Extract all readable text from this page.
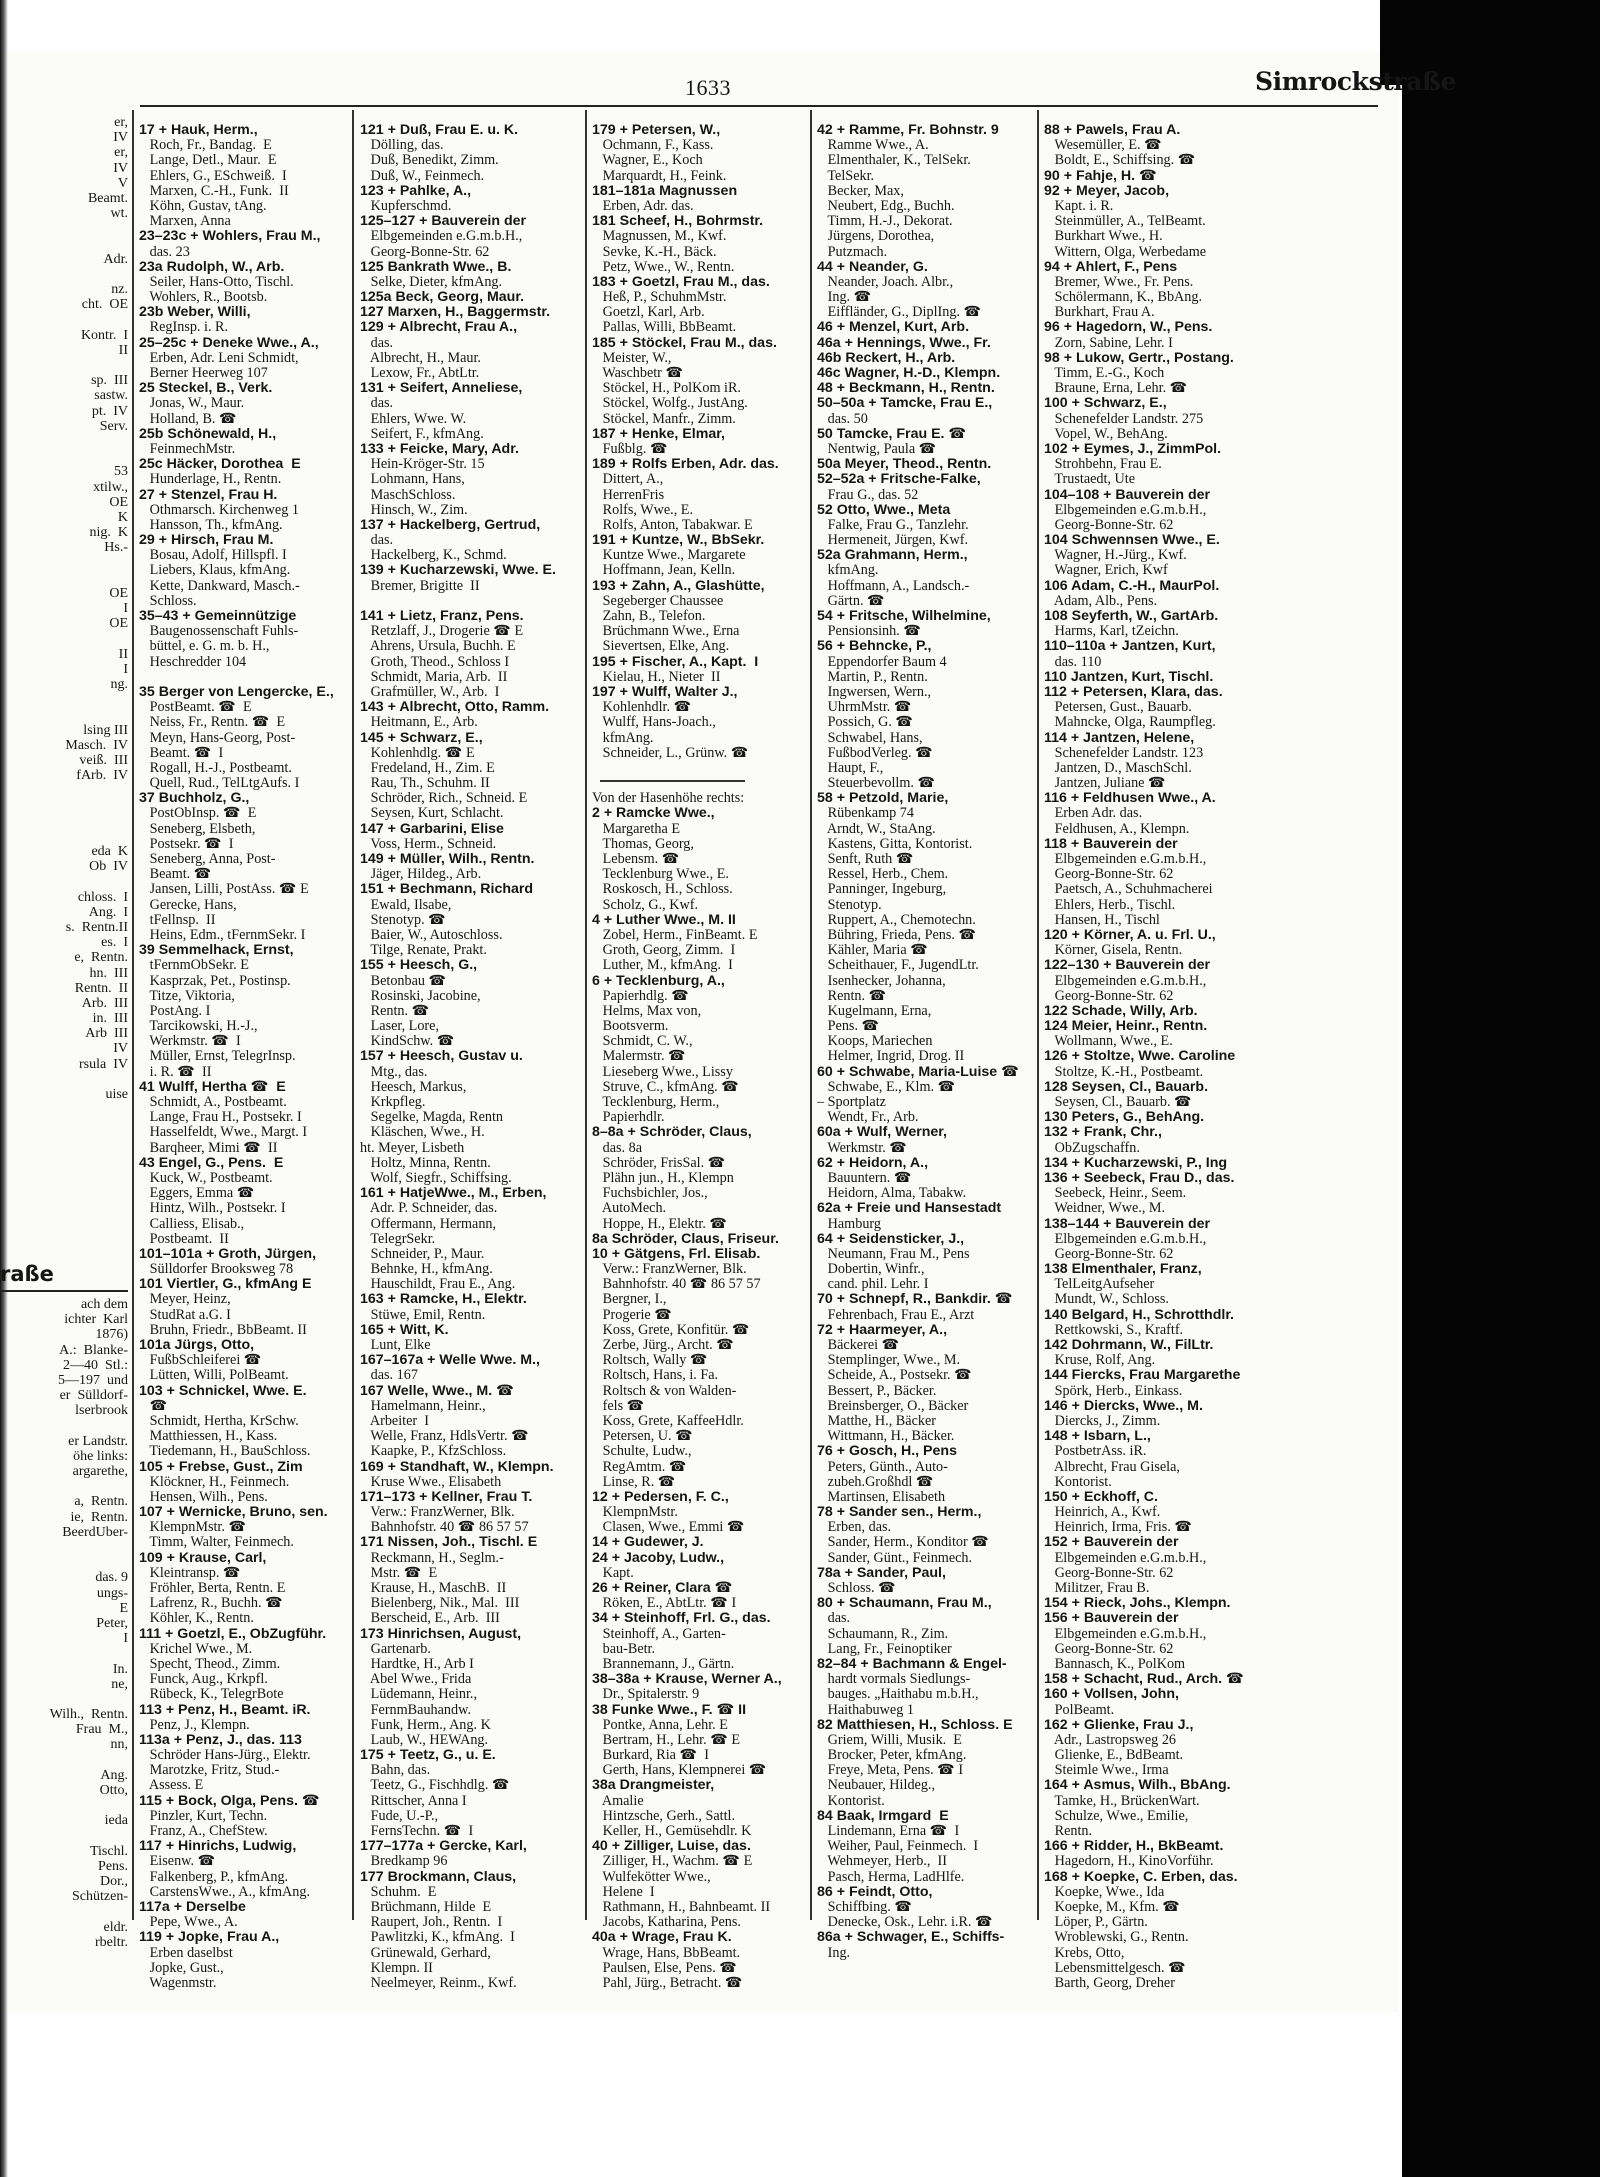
1633	Simrockstraße
er,
IV
er,
IV
V
Beamt.
wt.
Adr.
nz.
cht.  OE
Kontr.  I
II
sp.  III
sastw.
pt.  IV
Serv.
53
xtilw.,
OE
K
nig.  K
Hs.-
OE
I
OE
II
I
ng.
lsing III
Masch.  IV
veiß.  III
fArb.  IV
eda  K
Ob  IV
chloss.  I
Ang.  I
s.  Rentn.II
es.  I
e,  Rentn.
hn.  III
Rentn.  II
Arb.  III
in.  III
Arb  III
IV
rsula  IV
uise
raße
ach dem
ichter  Karl
1876)
A.:  Blanke-
2—40  Stl.:
5—197  und
er  Sülldorf-
lserbrook
er Landstr.
öhe links:
argarethe,
a,  Rentn.
ie,  Rentn.
BeerdUber-
das. 9
ungs-
E
Peter,
I
In.
ne,
Wilh.,  Rentn.
Frau  M.,
nn,
Ang.
Otto,
ieda
Tischl.
Pens.
Dor.,
Schützen-
eldr.
rbeltr.
17 + Hauk, Herm.,
Roch, Fr., Bandag.  E
Lange, Detl., Maur.  E
Ehlers, G., ESchweiß.  I
Marxen, C.-H., Funk.  II
Köhn, Gustav, tAng.
Marxen, Anna
23–23c + Wohlers, Frau M.,
das. 23
23a Rudolph, W., Arb.
Seiler, Hans-Otto, Tischl.
Wohlers, R., Bootsb.
23b Weber, Willi,
RegInsp. i. R.
25–25c + Deneke Wwe., A.,
Erben, Adr. Leni Schmidt,
Berner Heerweg 107
25 Steckel, B., Verk.
Jonas, W., Maur.
Holland, B. ☎
25b Schönewald, H.,
FeinmechMstr.
25c Häcker, Dorothea  E
Hunderlage, H., Rentn.
27 + Stenzel, Frau H.
Othmarsch. Kirchenweg 1
Hansson, Th., kfmAng.
29 + Hirsch, Frau M.
Bosau, Adolf, Hillspfl. I
Liebers, Klaus, kfmAng.
Kette, Dankward, Masch.-
Schloss.
35–43 + Gemeinnützige
Baugenossenschaft Fuhls-
büttel, e. G. m. b. H.,
Heschredder 104
35 Berger von Lengercke, E.,
PostBeamt. ☎  E
Neiss, Fr., Rentn. ☎  E
Meyn, Hans-Georg, Post-
Beamt. ☎  I
Rogall, H.-J., Postbeamt.
Quell, Rud., TelLtgAufs. I
37 Buchholz, G.,
PostObInsp. ☎  E
Seneberg, Elsbeth,
Postsekr. ☎  I
Seneberg, Anna, Post-
Beamt. ☎
Jansen, Lilli, PostAss. ☎ E
Gerecke, Hans,
tFellnsp.  II
Heins, Edm., tFernmSekr. I
39 Semmelhack, Ernst,
tFernmObSekr. E
Kasprzak, Pet., Postinsp.
Titze, Viktoria,
PostAng. I
Tarcikowski, H.-J.,
Werkmstr. ☎  I
Müller, Ernst, TelegrInsp.
i. R. ☎  II
41 Wulff, Hertha ☎  E
Schmidt, A., Postbeamt.
Lange, Frau H., Postsekr. I
Hasselfeldt, Wwe., Margt. I
Barqheer, Mimi ☎  II
43 Engel, G., Pens.  E
Kuck, W., Postbeamt.
Eggers, Emma ☎
Hintz, Wilh., Postsekr. I
Calliess, Elisab.,
Postbeamt.  II
101–101a + Groth, Jürgen,
Sülldorfer Brooksweg 78
101 Viertler, G., kfmAng E
Meyer, Heinz,
StudRat a.G. I
Bruhn, Friedr., BbBeamt. II
101a Jürgs, Otto,
FußbSchleiferei ☎
Lütten, Willi, PolBeamt.
103 + Schnickel, Wwe. E.
☎
Schmidt, Hertha, KrSchw.
Matthiessen, H., Kass.
Tiedemann, H., BauSchloss.
105 + Frebse, Gust., Zim
Klöckner, H., Feinmech.
Hensen, Wilh., Pens.
107 + Wernicke, Bruno, sen.
KlempnMstr. ☎
Timm, Walter, Feinmech.
109 + Krause, Carl,
Kleintransp. ☎
Fröhler, Berta, Rentn. E
Lafrenz, R., Buchh. ☎
Köhler, K., Rentn.
111 + Goetzl, E., ObZugführ.
Krichel Wwe., M.
Specht, Theod., Zimm.
Funck, Aug., Krkpfl.
Rübeck, K., TelegrBote
113 + Penz, H., Beamt. iR.
Penz, J., Klempn.
113a + Penz, J., das. 113
Schröder Hans-Jürg., Elektr.
Marotzke, Fritz, Stud.-
Assess. E
115 + Bock, Olga, Pens. ☎
Pinzler, Kurt, Techn.
Franz, A., ChefStew.
117 + Hinrichs, Ludwig,
Eisenw. ☎
Falkenberg, P., kfmAng.
CarstensWwe., A., kfmAng.
117a + Derselbe
Pepe, Wwe., A.
119 + Jopke, Frau A.,
Erben daselbst
Jopke, Gust.,
Wagenmstr.
121 + Duß, Frau E. u. K.
Dölling, das.
Duß, Benedikt, Zimm.
Duß, W., Feinmech.
123 + Pahlke, A.,
Kupferschmd.
125–127 + Bauverein der
Elbgemeinden e.G.m.b.H.,
Georg-Bonne-Str. 62
125 Bankrath Wwe., B.
Selke, Dieter, kfmAng.
125a Beck, Georg, Maur.
127 Marxen, H., Baggermstr.
129 + Albrecht, Frau A.,
das.
Albrecht, H., Maur.
Lexow, Fr., AbtLtr.
131 + Seifert, Anneliese,
das.
Ehlers, Wwe. W.
Seifert, F., kfmAng.
133 + Feicke, Mary, Adr.
Hein-Kröger-Str. 15
Lohmann, Hans,
MaschSchloss.
Hinsch, W., Zim.
137 + Hackelberg, Gertrud,
das.
Hackelberg, K., Schmd.
139 + Kucharzewski, Wwe. E.
Bremer, Brigitte  II
141 + Lietz, Franz, Pens.
Retzlaff, J., Drogerie ☎ E
Ahrens, Ursula, Buchh. E
Groth, Theod., Schloss I
Schmidt, Maria, Arb.  II
Grafmüller, W., Arb.  I
143 + Albrecht, Otto, Ramm.
Heitmann, E., Arb.
145 + Schwarz, E.,
Kohlenhdlg. ☎ E
Fredeland, H., Zim. E
Rau, Th., Schuhm. II
Schröder, Rich., Schneid. E
Seysen, Kurt, Schlacht.
147 + Garbarini, Elise
Voss, Herm., Schneid.
149 + Müller, Wilh., Rentn.
Jäger, Hildeg., Arb.
151 + Bechmann, Richard
Ewald, Ilsabe,
Stenotyp. ☎
Baier, W., Autoschloss.
Tilge, Renate, Prakt.
155 + Heesch, G.,
Betonbau ☎
Rosinski, Jacobine,
Rentn. ☎
Laser, Lore,
KindSchw. ☎
157 + Heesch, Gustav u.
Mtg., das.
Heesch, Markus,
Krkpfleg.
Segelke, Magda, Rentn
Kläschen, Wwe., H.
ht. Meyer, Lisbeth
Holtz, Minna, Rentn.
Wolf, Siegfr., Schiffsing.
161 + HatjeWwe., M., Erben,
Adr. P. Schneider, das.
Offermann, Hermann,
TelegrSekr.
Schneider, P., Maur.
Behnke, H., kfmAng.
Hauschildt, Frau E., Ang.
163 + Ramcke, H., Elektr.
Stüwe, Emil, Rentn.
165 + Witt, K.
Lunt, Elke
167–167a + Welle Wwe. M.,
das. 167
167 Welle, Wwe., M. ☎
Hamelmann, Heinr.,
Arbeiter  I
Welle, Franz, HdlsVertr. ☎
Kaapke, P., KfzSchloss.
169 + Standhaft, W., Klempn.
Kruse Wwe., Elisabeth
171–173 + Kellner, Frau T.
Verw.: FranzWerner, Blk.
Bahnhofstr. 40 ☎ 86 57 57
171 Nissen, Joh., Tischl. E
Reckmann, H., Seglm.-
Mstr. ☎  E
Krause, H., MaschB.  II
Bielenberg, Nik., Mal.  III
Berscheid, E., Arb.  III
173 Hinrichsen, August,
Gartenarb.
Hardtke, H., Arb I
Abel Wwe., Frida
Lüdemann, Heinr.,
FernmBauhandw.
Funk, Herm., Ang. K
Laub, W., HEWAng.
175 + Teetz, G., u. E.
Bahn, das.
Teetz, G., Fischhdlg. ☎
Rittscher, Anna I
Fude, U.-P.,
FernsTechn. ☎  I
177–177a + Gercke, Karl,
Bredkamp 96
177 Brockmann, Claus,
Schuhm.  E
Brüchmann, Hilde  E
Raupert, Joh., Rentn.  I
Pawlitzki, K., kfmAng.  I
Grünewald, Gerhard,
Klempn. II
Neelmeyer, Reinm., Kwf.
179 + Petersen, W.,
Ochmann, F., Kass.
Wagner, E., Koch
Marquardt, H., Feink.
181–181a Magnussen
Erben, Adr. das.
181 Scheef, H., Bohrmstr.
Magnussen, M., Kwf.
Sevke, K.-H., Bäck.
Petz, Wwe., W., Rentn.
183 + Goetzl, Frau M., das.
Heß, P., SchuhmMstr.
Goetzl, Karl, Arb.
Pallas, Willi, BbBeamt.
185 + Stöckel, Frau M., das.
Meister, W.,
Waschbetr ☎
Stöckel, H., PolKom iR.
Stöckel, Wolfg., JustAng.
Stöckel, Manfr., Zimm.
187 + Henke, Elmar,
Fußblg. ☎
189 + Rolfs Erben, Adr. das.
Dittert, A.,
HerrenFris
Rolfs, Wwe., E.
Rolfs, Anton, Tabakwar. E
191 + Kuntze, W., BbSekr.
Kuntze Wwe., Margarete
Hoffmann, Jean, Kelln.
193 + Zahn, A., Glashütte,
Segeberger Chaussee
Zahn, B., Telefon.
Brüchmann Wwe., Erna
Sievertsen, Elke, Ang.
195 + Fischer, A., Kapt.  I
Kielau, H., Nieter  II
197 + Wulff, Walter J.,
Kohlenhdlr. ☎
Wulff, Hans-Joach.,
kfmAng.
Schneider, L., Grünw. ☎
Von der Hasenhöhe rechts:
2 + Ramcke Wwe.,
Margaretha E
Thomas, Georg,
Lebensm. ☎
Tecklenburg Wwe., E.
Roskosch, H., Schloss.
Scholz, G., Kwf.
4 + Luther Wwe., M. II
Zobel, Herm., FinBeamt. E
Groth, Georg, Zimm.  I
Luther, M., kfmAng.  I
6 + Tecklenburg, A.,
Papierhdlg. ☎
Helms, Max von,
Bootsverm.
Schmidt, C. W.,
Malermstr. ☎
Lieseberg Wwe., Lissy
Struve, C., kfmAng. ☎
Tecklenburg, Herm.,
Papierhdlr.
8–8a + Schröder, Claus,
das. 8a
Schröder, FrisSal. ☎
Plähn jun., H., Klempn
Fuchsbichler, Jos.,
AutoMech.
Hoppe, H., Elektr. ☎
8a Schröder, Claus, Friseur.
10 + Gätgens, Frl. Elisab.
Verw.: FranzWerner, Blk.
Bahnhofstr. 40 ☎ 86 57 57
Bergner, I.,
Progerie ☎
Koss, Grete, Konfitür. ☎
Zerbe, Jürg., Archt. ☎
Roltsch, Wally ☎
Roltsch, Hans, i. Fa.
Roltsch & von Walden-
fels ☎
Koss, Grete, KaffeeHdlr.
Petersen, U. ☎
Schulte, Ludw.,
RegAmtm. ☎
Linse, R. ☎
12 + Pedersen, F. C.,
KlempnMstr.
Clasen, Wwe., Emmi ☎
14 + Gudewer, J.
24 + Jacoby, Ludw.,
Kapt.
26 + Reiner, Clara ☎
Röken, E., AbtLtr. ☎ I
34 + Steinhoff, Frl. G., das.
Steinhoff, A., Garten-
bau-Betr.
Brannemann, J., Gärtn.
38–38a + Krause, Werner A.,
Dr., Spitalerstr. 9
38 Funke Wwe., F. ☎ II
Pontke, Anna, Lehr. E
Bertram, H., Lehr. ☎ E
Burkard, Ria ☎  I
Gerth, Hans, Klempnerei ☎
38a Drangmeister,
Amalie
Hintzsche, Gerh., Sattl.
Keller, H., Gemüsehdlr. K
40 + Zilliger, Luise, das.
Zilliger, H., Wachm. ☎ E
Wulfekötter Wwe.,
Helene  I
Rathmann, H., Bahnbeamt. II
Jacobs, Katharina, Pens.
40a + Wrage, Frau K.
Wrage, Hans, BbBeamt.
Paulsen, Else, Pens. ☎
Pahl, Jürg., Betracht. ☎
42 + Ramme, Fr. Bohnstr. 9
Ramme Wwe., A.
Elmenthaler, K., TelSekr.
TelSekr.
Becker, Max,
Neubert, Edg., Buchh.
Timm, H.-J., Dekorat.
Jürgens, Dorothea,
Putzmach.
44 + Neander, G.
Neander, Joach. Albr.,
Ing. ☎
Eiffländer, G., DiplIng. ☎
46 + Menzel, Kurt, Arb.
46a + Hennings, Wwe., Fr.
46b Reckert, H., Arb.
46c Wagner, H.-D., Klempn.
48 + Beckmann, H., Rentn.
50–50a + Tamcke, Frau E.,
das. 50
50 Tamcke, Frau E. ☎
Nentwig, Paula ☎
50a Meyer, Theod., Rentn.
52–52a + Fritsche-Falke,
Frau G., das. 52
52 Otto, Wwe., Meta
Falke, Frau G., Tanzlehr.
Hermeneit, Jürgen, Kwf.
52a Grahmann, Herm.,
kfmAng.
Hoffmann, A., Landsch.-
Gärtn. ☎
54 + Fritsche, Wilhelmine,
Pensionsinh. ☎
56 + Behncke, P.,
Eppendorfer Baum 4
Martin, P., Rentn.
Ingwersen, Wern.,
UhrmMstr. ☎
Possich, G. ☎
Schwabel, Hans,
FußbodVerleg. ☎
Haupt, F.,
Steuerbevollm. ☎
58 + Petzold, Marie,
Rübenkamp 74
Arndt, W., StaAng.
Kastens, Gitta, Kontorist.
Senft, Ruth ☎
Ressel, Herb., Chem.
Panninger, Ingeburg,
Stenotyp.
Ruppert, A., Chemotechn.
Bühring, Frieda, Pens. ☎
Kähler, Maria ☎
Scheithauer, F., JugendLtr.
Isenhecker, Johanna,
Rentn. ☎
Kugelmann, Erna,
Pens. ☎
Koops, Mariechen
Helmer, Ingrid, Drog. II
60 + Schwabe, Maria-Luise ☎
Schwabe, E., Klm. ☎
– Sportplatz
Wendt, Fr., Arb.
60a + Wulf, Werner,
Werkmstr. ☎
62 + Heidorn, A.,
Bauuntern. ☎
Heidorn, Alma, Tabakw.
62a + Freie und Hansestadt
Hamburg
64 + Seidensticker, J.,
Neumann, Frau M., Pens
Dobertin, Winfr.,
cand. phil. Lehr. I
70 + Schnepf, R., Bankdir. ☎
Fehrenbach, Frau E., Arzt
72 + Haarmeyer, A.,
Bäckerei ☎
Stemplinger, Wwe., M.
Scheide, A., Postsekr. ☎
Bessert, P., Bäcker.
Breinsberger, O., Bäcker
Matthe, H., Bäcker
Wittmann, H., Bäcker.
76 + Gosch, H., Pens
Peters, Günth., Auto-
zubeh.Großhdl ☎
Martinsen, Elisabeth
78 + Sander sen., Herm.,
Erben, das.
Sander, Herm., Konditor ☎
Sander, Günt., Feinmech.
78a + Sander, Paul,
Schloss. ☎
80 + Schaumann, Frau M.,
das.
Schaumann, R., Zim.
Lang, Fr., Feinoptiker
82–84 + Bachmann & Engel-
hardt vormals Siedlungs-
bauges. „Haithabu m.b.H.,
Haithabuweg 1
82 Matthiesen, H., Schloss. E
Griem, Willi, Musik.  E
Brocker, Peter, kfmAng.
Freye, Meta, Pens. ☎ I
Neubauer, Hildeg.,
Kontorist.
84 Baak, Irmgard  E
Lindemann, Erna ☎  I
Weiher, Paul, Feinmech.  I
Wehmeyer, Herb.,  II
Pasch, Herma, LadHlfe.
86 + Feindt, Otto,
Schiffbing. ☎
Denecke, Osk., Lehr. i.R. ☎
86a + Schwager, E., Schiffs-
Ing.
88 + Pawels, Frau A.
Wesemüller, E. ☎
Boldt, E., Schiffsing. ☎
90 + Fahje, H. ☎
92 + Meyer, Jacob,
Kapt. i. R.
Steinmüller, A., TelBeamt.
Burkhart Wwe., H.
Wittern, Olga, Werbedame
94 + Ahlert, F., Pens
Bremer, Wwe., Fr. Pens.
Schölermann, K., BbAng.
Burkhart, Frau A.
96 + Hagedorn, W., Pens.
Zorn, Sabine, Lehr. I
98 + Lukow, Gertr., Postang.
Timm, E.-G., Koch
Braune, Erna, Lehr. ☎
100 + Schwarz, E.,
Schenefelder Landstr. 275
Vopel, W., BehAng.
102 + Eymes, J., ZimmPol.
Strohbehn, Frau E.
Trustaedt, Ute
104–108 + Bauverein der
Elbgemeinden e.G.m.b.H.,
Georg-Bonne-Str. 62
104 Schwennsen Wwe., E.
Wagner, H.-Jürg., Kwf.
Wagner, Erich, Kwf
106 Adam, C.-H., MaurPol.
Adam, Alb., Pens.
108 Seyferth, W., GartArb.
Harms, Karl, tZeichn.
110–110a + Jantzen, Kurt,
das. 110
110 Jantzen, Kurt, Tischl.
112 + Petersen, Klara, das.
Petersen, Gust., Bauarb.
Mahncke, Olga, Raumpfleg.
114 + Jantzen, Helene,
Schenefelder Landstr. 123
Jantzen, D., MaschSchl.
Jantzen, Juliane ☎
116 + Feldhusen Wwe., A.
Erben Adr. das.
Feldhusen, A., Klempn.
118 + Bauverein der
Elbgemeinden e.G.m.b.H.,
Georg-Bonne-Str. 62
Paetsch, A., Schuhmacherei
Ehlers, Herb., Tischl.
Hansen, H., Tischl
120 + Körner, A. u. Frl. U.,
Körner, Gisela, Rentn.
122–130 + Bauverein der
Elbgemeinden e.G.m.b.H.,
Georg-Bonne-Str. 62
122 Schade, Willy, Arb.
124 Meier, Heinr., Rentn.
Wollmann, Wwe., E.
126 + Stoltze, Wwe. Caroline
Stoltze, K.-H., Postbeamt.
128 Seysen, Cl., Bauarb.
Seysen, Cl., Bauarb. ☎
130 Peters, G., BehAng.
132 + Frank, Chr.,
ObZugschaffn.
134 + Kucharzewski, P., Ing
136 + Seebeck, Frau D., das.
Seebeck, Heinr., Seem.
Weidner, Wwe., M.
138–144 + Bauverein der
Elbgemeinden e.G.m.b.H.,
Georg-Bonne-Str. 62
138 Elmenthaler, Franz,
TelLeitgAufseher
Mundt, W., Schloss.
140 Belgard, H., Schrotthdlr.
Rettkowski, S., Kraftf.
142 Dohrmann, W., FilLtr.
Kruse, Rolf, Ang.
144 Fiercks, Frau Margarethe
Spörk, Herb., Einkass.
146 + Diercks, Wwe., M.
Diercks, J., Zimm.
148 + Isbarn, L.,
PostbetrAss. iR.
Albrecht, Frau Gisela,
Kontorist.
150 + Eckhoff, C.
Heinrich, A., Kwf.
Heinrich, Irma, Fris. ☎
152 + Bauverein der
Elbgemeinden e.G.m.b.H.,
Georg-Bonne-Str. 62
Militzer, Frau B.
154 + Rieck, Johs., Klempn.
156 + Bauverein der
Elbgemeinden e.G.m.b.H.,
Georg-Bonne-Str. 62
Bannasch, K., PolKom
158 + Schacht, Rud., Arch. ☎
160 + Vollsen, John,
PolBeamt.
162 + Glienke, Frau J.,
Adr., Lastropsweg 26
Glienke, E., BdBeamt.
Steimle Wwe., Irma
164 + Asmus, Wilh., BbAng.
Tamke, H., BrückenWart.
Schulze, Wwe., Emilie,
Rentn.
166 + Ridder, H., BkBeamt.
Hagedorn, H., KinoVorführ.
168 + Koepke, C. Erben, das.
Koepke, Wwe., Ida
Koepke, M., Kfm. ☎
Löper, P., Gärtn.
Wroblewski, G., Rentn.
Krebs, Otto,
Lebensmittelgesch. ☎
Barth, Georg, Dreher
